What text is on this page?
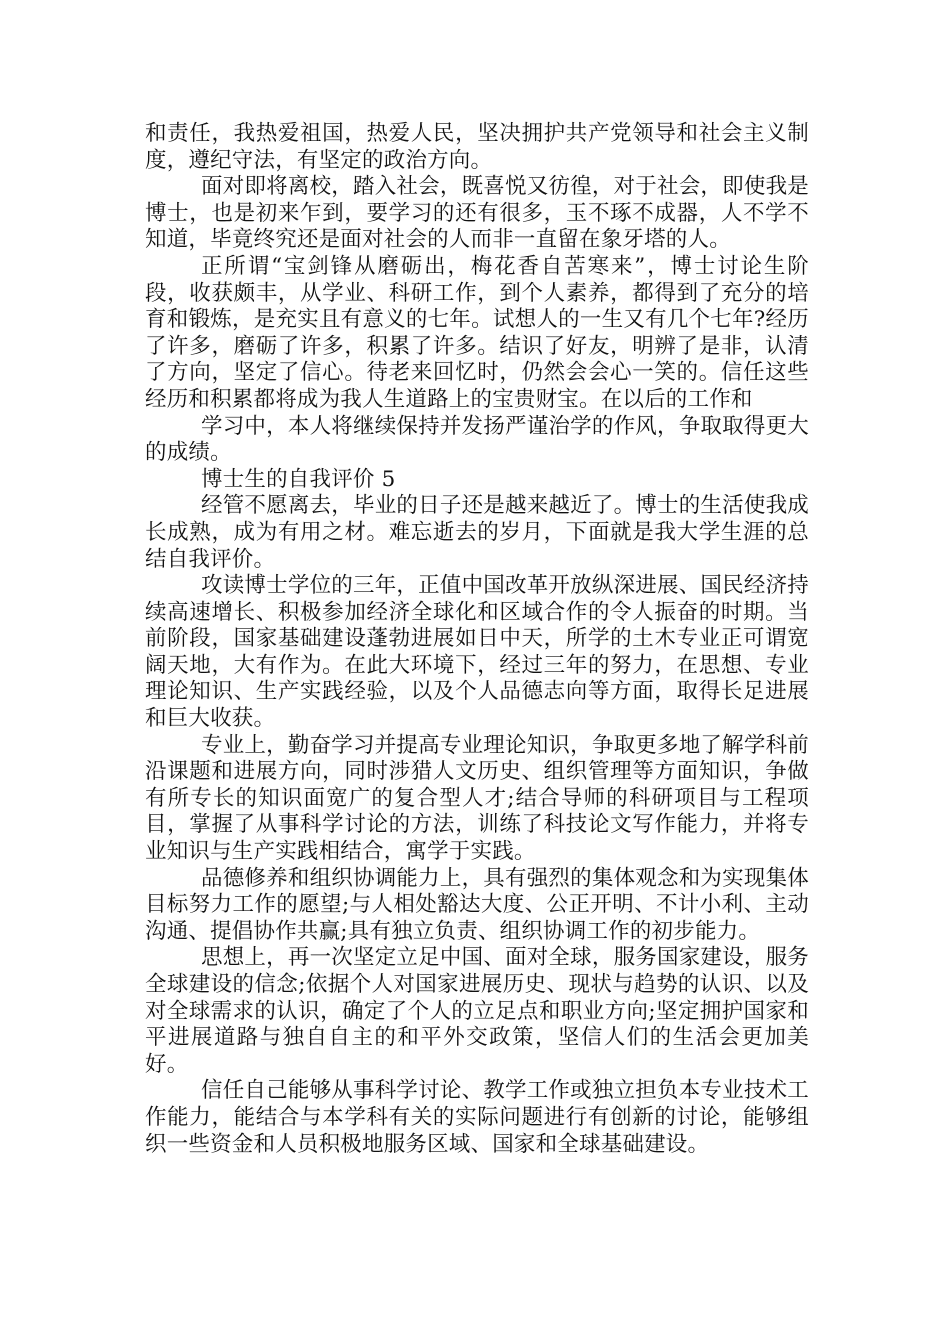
和责任，我热爱祖国，热爱人民，坚决拥护共产党领导和社会主义制度，遵纪守法，有坚定的政治方向。

面对即将离校，踏入社会，既喜悦又彷徨，对于社会，即使我是博士，也是初来乍到，要学习的还有很多，玉不琢不成器，人不学不知道，毕竟终究还是面对社会的人而非一直留在象牙塔的人。

正所谓“宝剑锋从磨砺出，梅花香自苦寒来”，博士讨论生阶段，收获颇丰，从学业、科研工作，到个人素养，都得到了充分的培育和锻炼，是充实且有意义的七年。试想人的一生又有几个七年?经历了许多，磨砺了许多，积累了许多。结识了好友，明辨了是非，认清了方向，坚定了信心。待老来回忆时，仍然会会心一笑的。信任这些经历和积累都将成为我人生道路上的宝贵财宝。在以后的工作和

学习中，本人将继续保持并发扬严谨治学的作风，争取取得更大的成绩。

博士生的自我评价 5

经管不愿离去，毕业的日子还是越来越近了。博士的生活使我成长成熟，成为有用之材。难忘逝去的岁月，下面就是我大学生涯的总结自我评价。

攻读博士学位的三年，正值中国改革开放纵深进展、国民经济持续高速增长、积极参加经济全球化和区域合作的令人振奋的时期。当前阶段，国家基础建设蓬勃进展如日中天，所学的土木专业正可谓宽阔天地，大有作为。在此大环境下，经过三年的努力，在思想、专业理论知识、生产实践经验，以及个人品德志向等方面，取得长足进展和巨大收获。

专业上，勤奋学习并提高专业理论知识，争取更多地了解学科前沿课题和进展方向，同时涉猎人文历史、组织管理等方面知识，争做有所专长的知识面宽广的复合型人才;结合导师的科研项目与工程项目，掌握了从事科学讨论的方法，训练了科技论文写作能力，并将专业知识与生产实践相结合，寓学于实践。

品德修养和组织协调能力上，具有强烈的集体观念和为实现集体目标努力工作的愿望;与人相处豁达大度、公正开明、不计小利、主动沟通、提倡协作共赢;具有独立负责、组织协调工作的初步能力。

思想上，再一次坚定立足中国、面对全球，服务国家建设，服务全球建设的信念;依据个人对国家进展历史、现状与趋势的认识、以及对全球需求的认识，确定了个人的立足点和职业方向;坚定拥护国家和平进展道路与独自自主的和平外交政策，坚信人们的生活会更加美好。

信任自己能够从事科学讨论、教学工作或独立担负本专业技术工作能力，能结合与本学科有关的实际问题进行有创新的讨论，能够组织一些资金和人员积极地服务区域、国家和全球基础建设。
